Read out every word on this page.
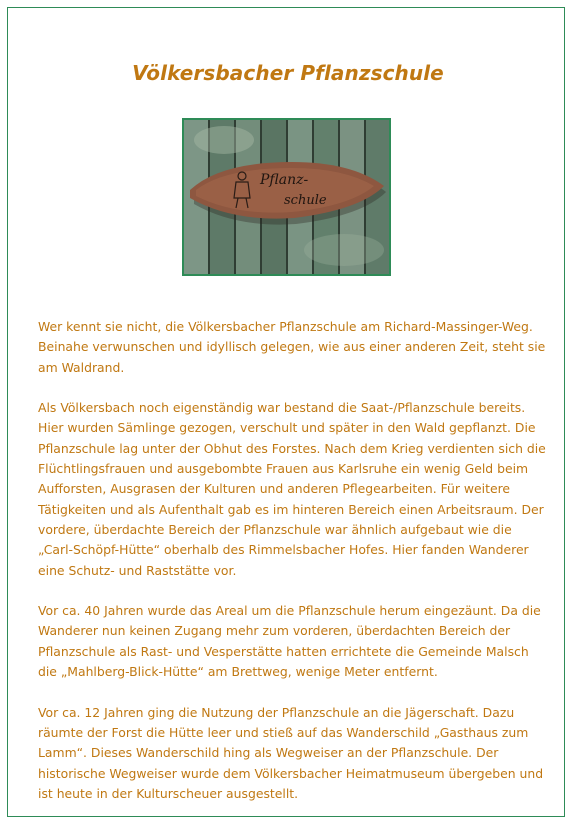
Völkersbacher Pflanzschule
Pflanz-
schule

Wer kennt sie nicht, die Völkersbacher Pflanzschule am Richard-Massinger-Weg. Beinahe verwunschen und idyllisch gelegen, wie aus einer anderen Zeit, steht sie am Waldrand.

Als Völkersbach noch eigenständig war bestand die Saat-/Pflanzschule bereits. Hier wurden Sämlinge gezogen, verschult und später in den Wald gepflanzt. Die Pflanzschule lag unter der Obhut des Forstes. Nach dem Krieg verdienten sich die Flüchtlingsfrauen und ausgebombte Frauen aus Karlsruhe ein wenig Geld beim Aufforsten, Ausgrasen der Kulturen und anderen Pflegearbeiten. Für weitere Tätigkeiten und als Aufenthalt gab es im hinteren Bereich einen Arbeitsraum. Der vordere, überdachte Bereich der Pflanzschule war ähnlich aufgebaut wie die „Carl-Schöpf-Hütte“ oberhalb des Rimmelsbacher Hofes. Hier fanden Wanderer eine Schutz- und Raststätte vor.

Vor ca. 40 Jahren wurde das Areal um die Pflanzschule herum eingezäunt. Da die Wanderer nun keinen Zugang mehr zum vorderen, überdachten Bereich der Pflanzschule als Rast- und Vesperstätte hatten errichtete die Gemeinde Malsch die „Mahlberg-Blick-Hütte“ am Brettweg, wenige Meter entfernt.

Vor ca. 12 Jahren ging die Nutzung der Pflanzschule an die Jägerschaft. Dazu räumte der Forst die Hütte leer und stieß auf das Wanderschild „Gasthaus zum Lamm“. Dieses Wanderschild hing als Wegweiser an der Pflanzschule. Der historische Wegweiser wurde dem Völkersbacher Heimatmuseum übergeben und ist heute in der Kulturscheuer ausgestellt.
